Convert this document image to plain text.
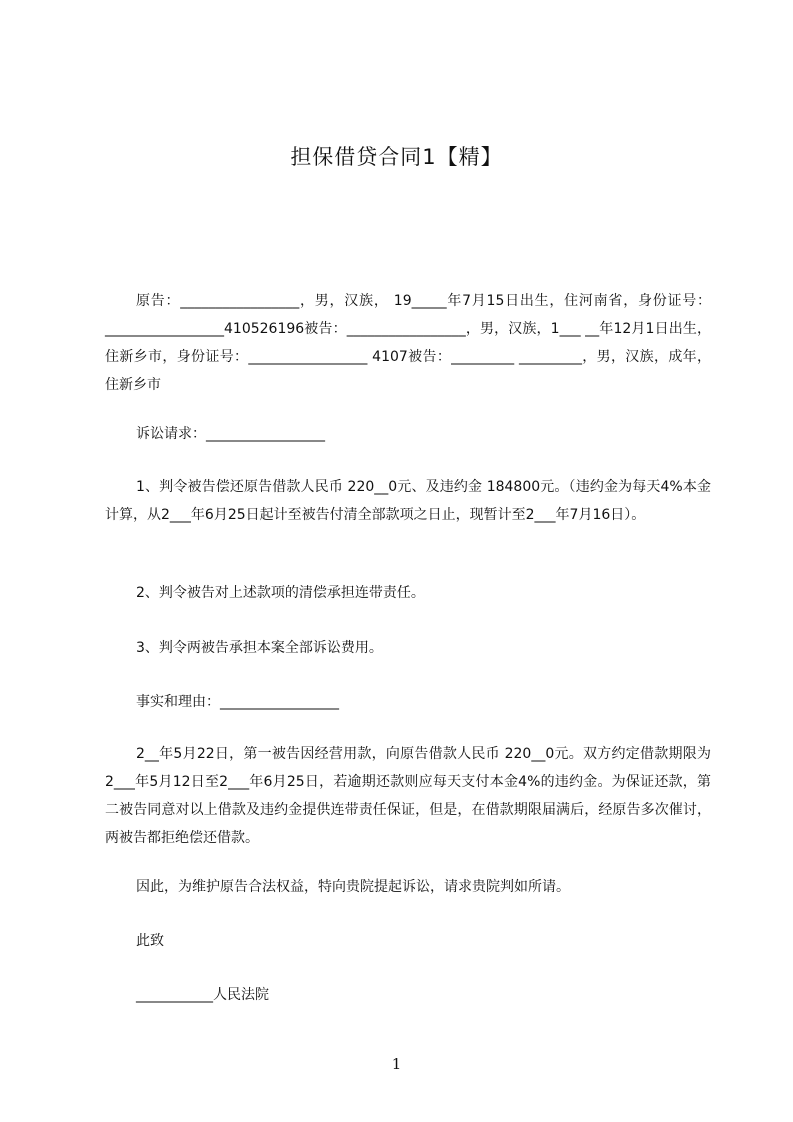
担保借贷合同1【精】

原告：_________________，男，汉族， 19_____年7月15日出生，住河南省，身份证号：_________________410526196被告：_________________，男，汉族，1___ __年12月1日出生，住新乡市，身份证号：_________________ 4107被告：_________ _________，男，汉族，成年，住新乡市

诉讼请求：_________________

1、判令被告偿还原告借款人民币 220__0元、及违约金 184800元。（违约金为每天4%本金计算，从2___年6月25日起计至被告付清全部款项之日止，现暂计至2___年7月16日）。

2、判令被告对上述款项的清偿承担连带责任。
3、判令两被告承担本案全部诉讼费用。
事实和理由：_________________

2__年5月22日，第一被告因经营用款，向原告借款人民币 220__0元。双方约定借款期限为2___年5月12日至2___年6月25日，若逾期还款则应每天支付本金4%的违约金。为保证还款，第二被告同意对以上借款及违约金提供连带责任保证，但是，在借款期限届满后，经原告多次催讨，两被告都拒绝偿还借款。

因此，为维护原告合法权益，特向贵院提起诉讼，请求贵院判如所请。
此致
___________人民法院
1
